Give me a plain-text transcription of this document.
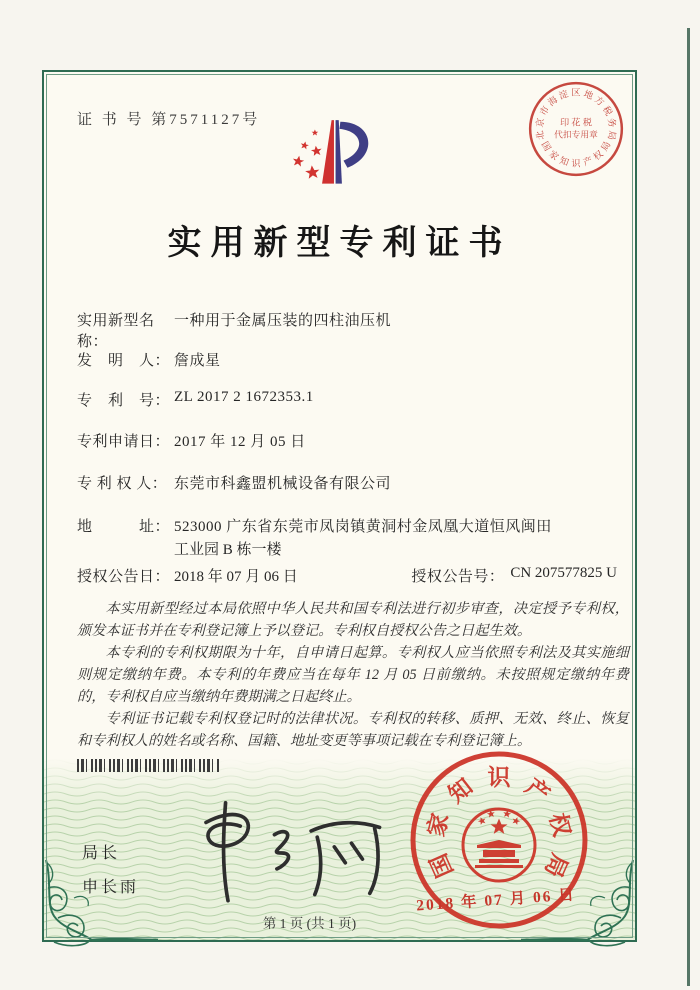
证 书 号 第7571127号
北
京
市
海
淀 区 地
方
税
务
局
印 花 税
代扣专用章
国
家
知 识 产
权
局
实用新型专利证书
实用新型名称：
一种用于金属压装的四柱油压机
发　明　人： 詹成星
专　利　号： ZL 2017 2 1672353.1
专利申请日： 2017 年 12 月 05 日
专 利 权 人： 东莞市科鑫盟机械设备有限公司
地　　　址： 523000 广东省东莞市凤岗镇黄洞村金凤凰大道恒风闽田
工业园 B 栋一楼
授权公告日： 2018 年 07 月 06 日	授权公告号： CN 207577825 U

本实用新型经过本局依照中华人民共和国专利法进行初步审查，决定授予专利权，颁发本证书并在专利登记簿上予以登记。专利权自授权公告之日起生效。

本专利的专利权期限为十年，自申请日起算。专利权人应当依照专利法及其实施细则规定缴纳年费。本专利的年费应当在每年 12 月 05 日前缴纳。未按照规定缴纳年费的，专利权自应当缴纳年费期满之日起终止。

专利证书记载专利权登记时的法律状况。专利权的转移、质押、无效、终止、恢复和专利权人的姓名或名称、国籍、地址变更等事项记载在专利登记簿上。

局长
申长雨
国
家
知 识 产
权
局
2018 年 07 月 06 日
第 1 页 (共 1 页)
